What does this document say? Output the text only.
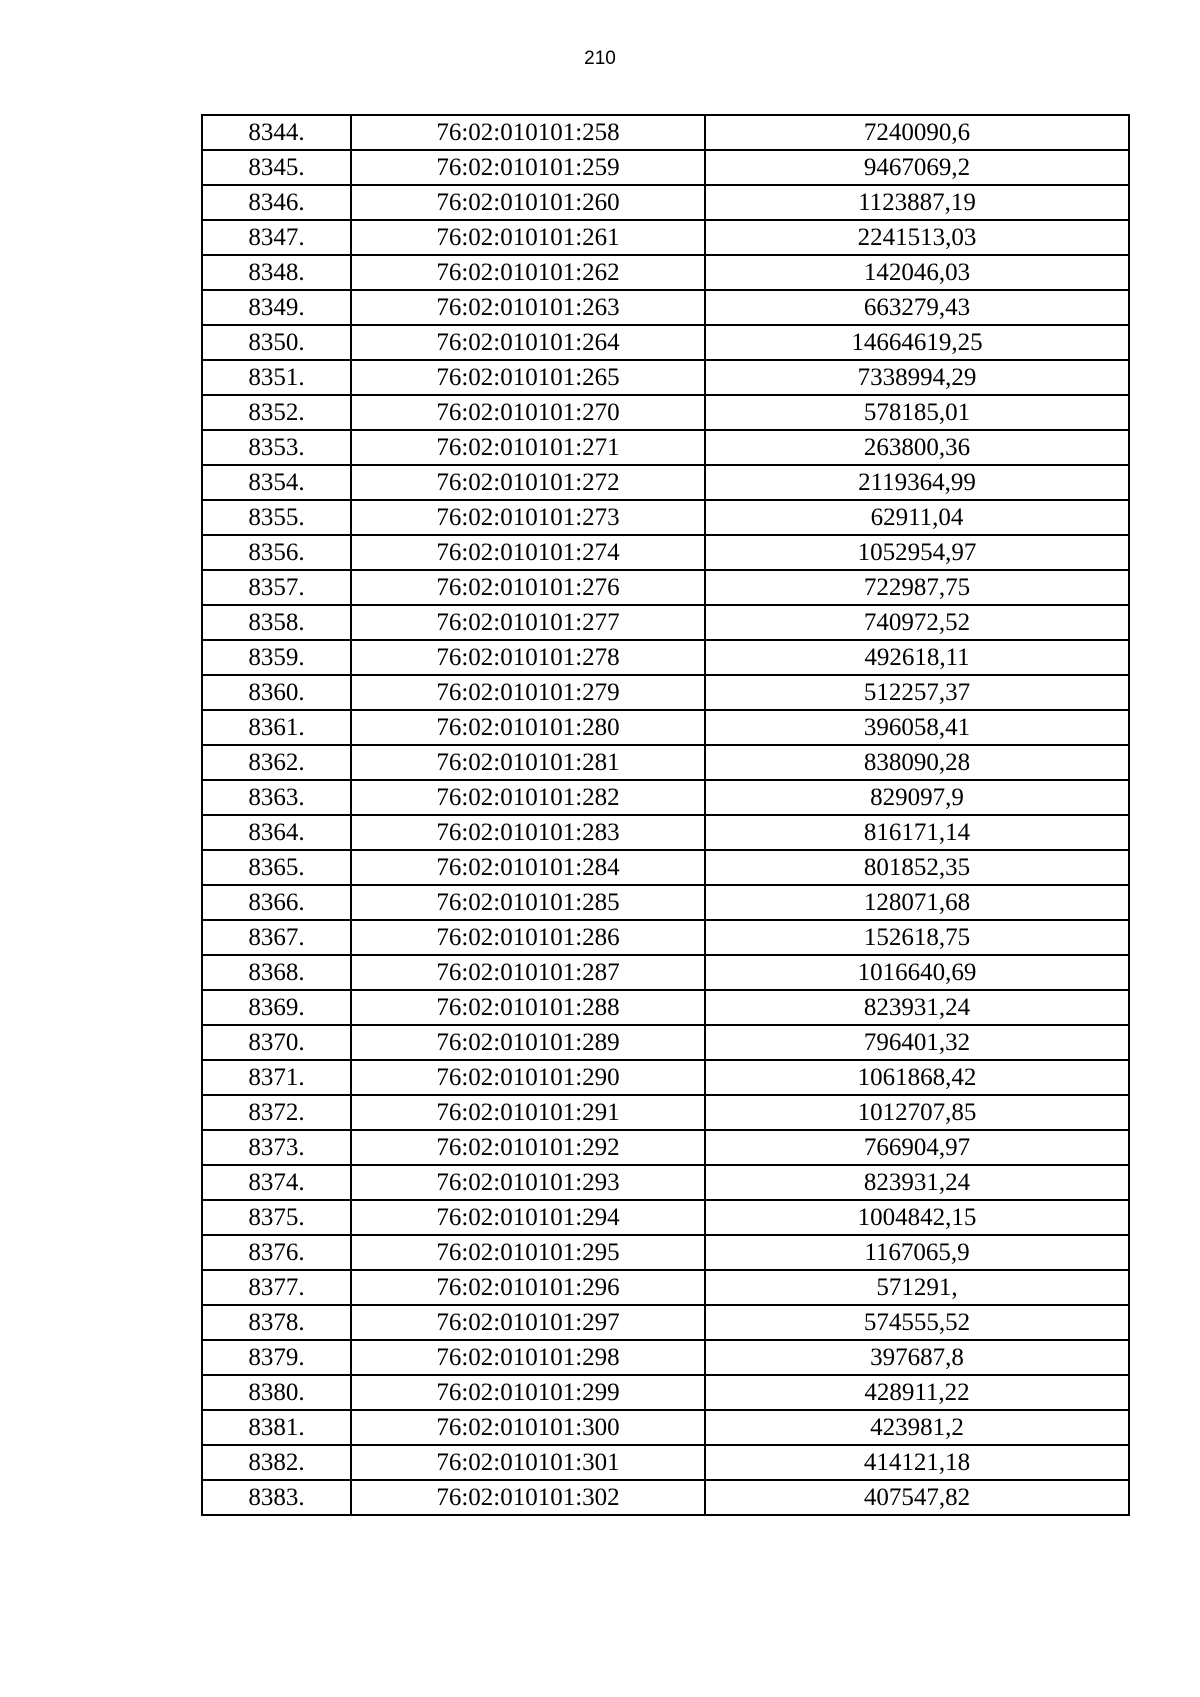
210
8344.	76:02:010101:258	7240090,6
8345.	76:02:010101:259	9467069,2
8346.	76:02:010101:260	1123887,19
8347.	76:02:010101:261	2241513,03
8348.	76:02:010101:262	142046,03
8349.	76:02:010101:263	663279,43
8350.	76:02:010101:264	14664619,25
8351.	76:02:010101:265	7338994,29
8352.	76:02:010101:270	578185,01
8353.	76:02:010101:271	263800,36
8354.	76:02:010101:272	2119364,99
8355.	76:02:010101:273	62911,04
8356.	76:02:010101:274	1052954,97
8357.	76:02:010101:276	722987,75
8358.	76:02:010101:277	740972,52
8359.	76:02:010101:278	492618,11
8360.	76:02:010101:279	512257,37
8361.	76:02:010101:280	396058,41
8362.	76:02:010101:281	838090,28
8363.	76:02:010101:282	829097,9
8364.	76:02:010101:283	816171,14
8365.	76:02:010101:284	801852,35
8366.	76:02:010101:285	128071,68
8367.	76:02:010101:286	152618,75
8368.	76:02:010101:287	1016640,69
8369.	76:02:010101:288	823931,24
8370.	76:02:010101:289	796401,32
8371.	76:02:010101:290	1061868,42
8372.	76:02:010101:291	1012707,85
8373.	76:02:010101:292	766904,97
8374.	76:02:010101:293	823931,24
8375.	76:02:010101:294	1004842,15
8376.	76:02:010101:295	1167065,9
8377.	76:02:010101:296	571291,
8378.	76:02:010101:297	574555,52
8379.	76:02:010101:298	397687,8
8380.	76:02:010101:299	428911,22
8381.	76:02:010101:300	423981,2
8382.	76:02:010101:301	414121,18
8383.	76:02:010101:302	407547,82
